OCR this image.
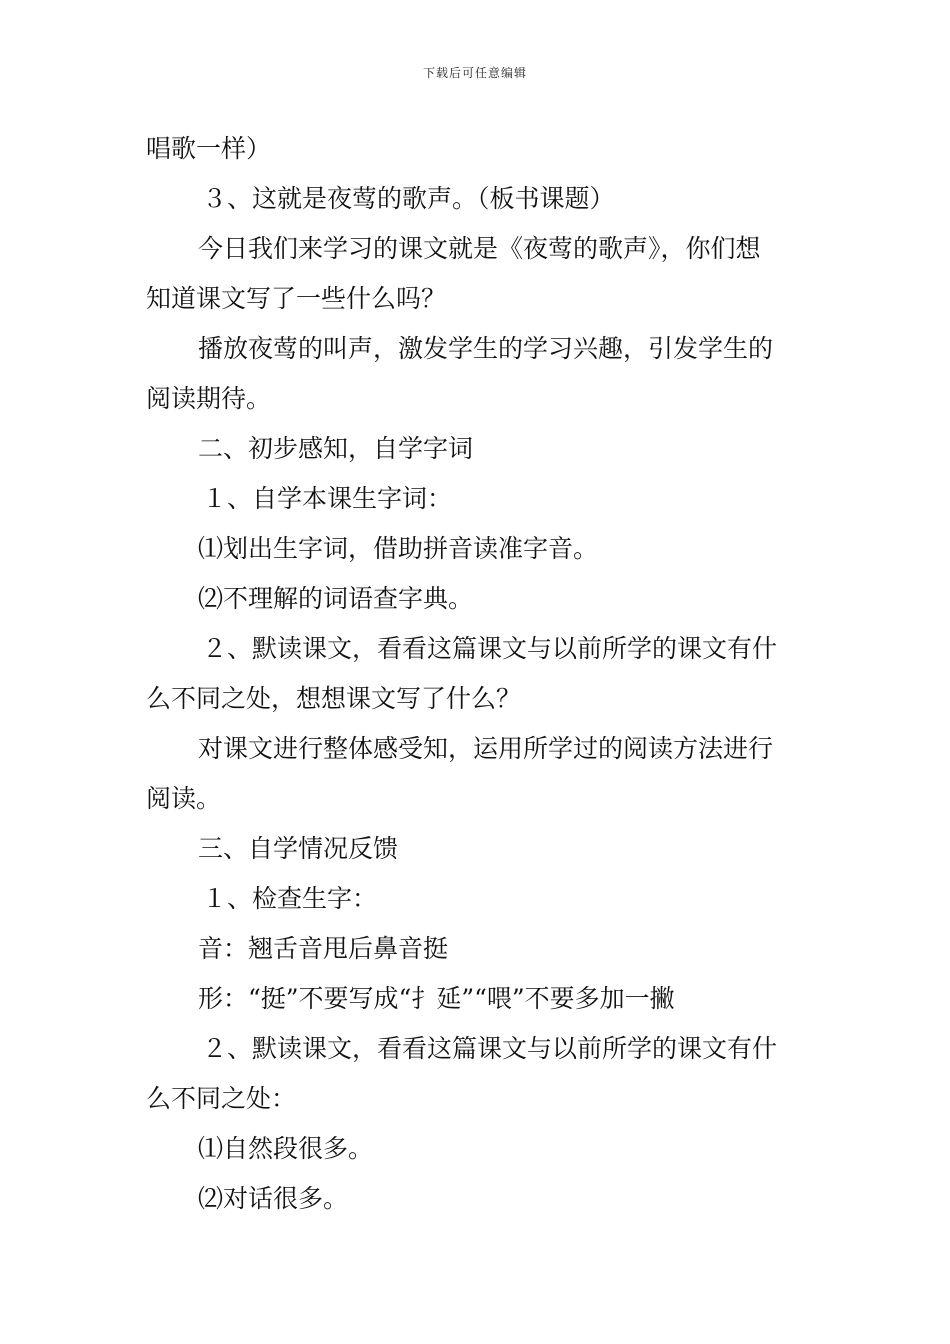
下载后可任意编辑
唱歌一样）
３、这就是夜莺的歌声。（板书课题）
今日我们来学习的课文就是《夜莺的歌声》，你们想
知道课文写了一些什么吗？
播放夜莺的叫声，激发学生的学习兴趣，引发学生的
阅读期待。
二、初步感知，自学字词
１、自学本课生字词：
⑴划出生字词，借助拼音读准字音。
⑵不理解的词语查字典。
２、默读课文，看看这篇课文与以前所学的课文有什
么不同之处，想想课文写了什么？
对课文进行整体感受知，运用所学过的阅读方法进行
阅读。
三、自学情况反馈
１、检查生字：
音：翘舌音甩后鼻音挺
形：“挺”不要写成“扌延”“喂”不要多加一撇
２、默读课文，看看这篇课文与以前所学的课文有什
么不同之处：
⑴自然段很多。
⑵对话很多。
